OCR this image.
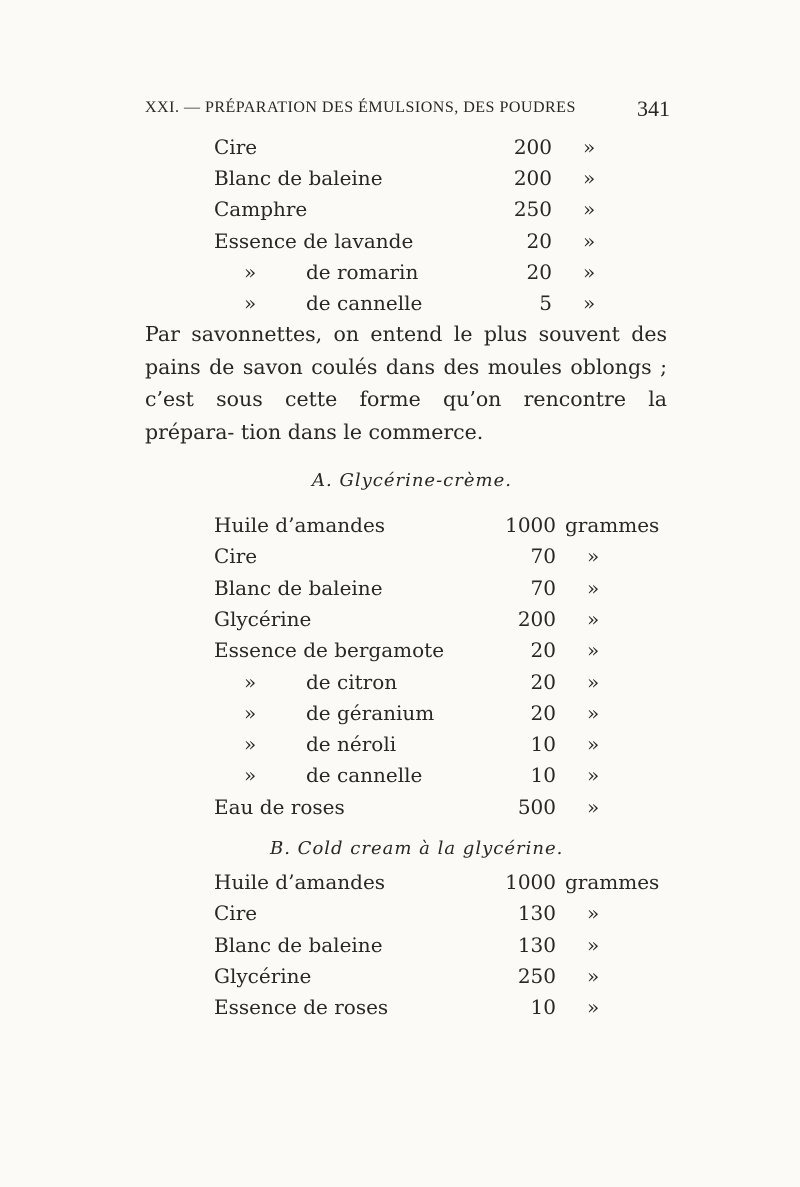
XXI. — PRÉPARATION DES ÉMULSIONS, DES POUDRES	341
Cire	200 »
Blanc de baleine	200 »
Camphre	250 »
Essence de lavande	20 »
» de romarin	20 »
» de cannelle	5 »
Par savonnettes, on entend le plus souvent des pains de savon coulés dans des moules oblongs ; c’est sous cette forme qu’on rencontre la prépara- tion dans le commerce.
A. Glycérine-crème.
Huile d’amandes	1000 grammes
Cire	70 »
Blanc de baleine	70 »
Glycérine	200 »
Essence de bergamote	20 »
» de citron	20 »
» de géranium	20 »
» de néroli	10 »
» de cannelle	10 »
Eau de roses	500 »
B. Cold cream à la glycérine.
Huile d’amandes	1000 grammes
Cire	130 »
Blanc de baleine	130 »
Glycérine	250 »
Essence de roses	10 »
